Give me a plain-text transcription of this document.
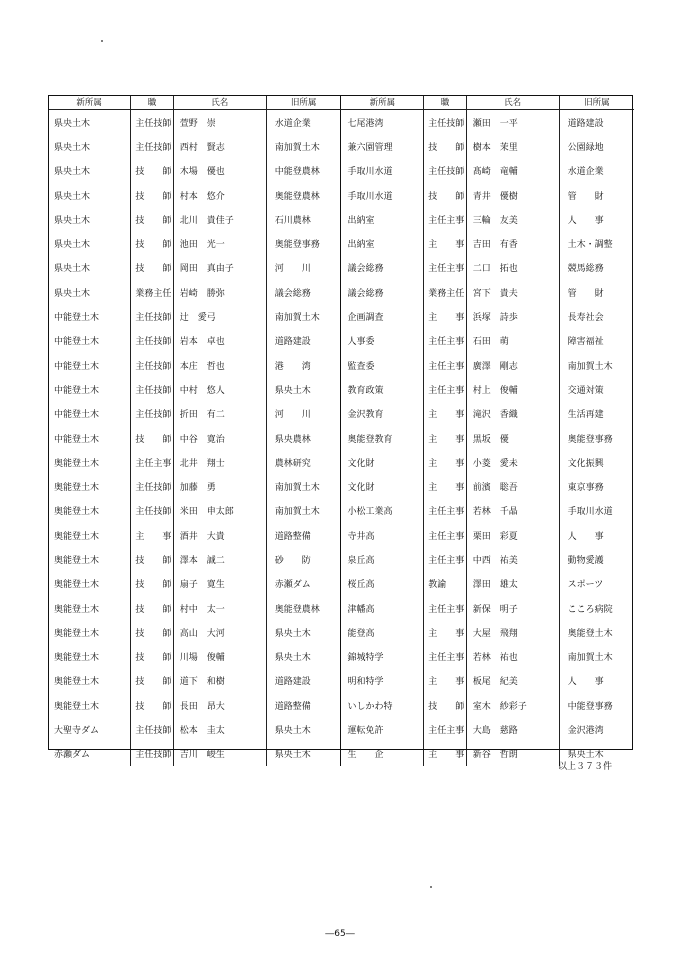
新所属	職	氏名	旧所属	新所属	職	氏名	旧所属
県央土木	主任技師	萱野　崇	水道企業	七尾港湾	主任技師	瀬田　一平	道路建設
県央土木	主任技師	西村　賢志	南加賀土木	兼六園管理	技　　師	樹本　茉里	公園緑地
県央土木	技　　師	木場　優也	中能登農林	手取川水道	主任技師	髙崎　竜輔	水道企業
県央土木	技　　師	村本　悠介	奥能登農林	手取川水道	技　　師	青井　優樹	管　　財
県央土木	技　　師	北川　貴佳子	石川農林	出納室	主任主事	三輪　友美	人　　事
県央土木	技　　師	池田　光一	奥能登事務	出納室	主　　事	吉田　有香	土木・調整
県央土木	技　　師	岡田　真由子	河　　川	議会総務	主任主事	二口　拓也	競馬総務
県央土木	業務主任	岩崎　勝弥	議会総務	議会総務	業務主任	宮下　貴夫	管　　財
中能登土木	主任技師	辻　愛弓	南加賀土木	企画調査	主　　事	浜塚　詩歩	長寿社会
中能登土木	主任技師	岩本　卓也	道路建設	人事委	主任主事	石田　萌	障害福祉
中能登土木	主任技師	本庄　哲也	港　　湾	監査委	主任主事	廣澤　剛志	南加賀土木
中能登土木	主任技師	中村　悠人	県央土木	教育政策	主任主事	村上　俊輔	交通対策
中能登土木	主任技師	折田　有二	河　　川	金沢教育	主　　事	滝沢　香織	生活再建
中能登土木	技　　師	中谷　寛治	県央農林	奥能登教育	主　　事	黒坂　優	奥能登事務
奥能登土木	主任主事	北井　翔士	農林研究	文化財	主　　事	小菱　愛未	文化振興
奥能登土木	主任技師	加藤　勇	南加賀土木	文化財	主　　事	前濱　聡吾	東京事務
奥能登土木	主任技師	米田　申太郎	南加賀土木	小松工業高	主任主事	若林　千晶	手取川水道
奥能登土木	主　　事	酒井　大貴	道路整備	寺井高	主任主事	栗田　彩夏	人　　事
奥能登土木	技　　師	澤本　誠二	砂　　防	泉丘高	主任主事	中西　祐美	動物愛護
奥能登土木	技　　師	扇子　寛生	赤瀬ダム	桜丘高	教諭	澤田　雄太	スポーツ
奥能登土木	技　　師	村中　太一	奥能登農林	津幡高	主任主事	新保　明子	こころ病院
奥能登土木	技　　師	高山　大河	県央土木	能登高	主　　事	大屋　飛翔	奥能登土木
奥能登土木	技　　師	川場　俊輔	県央土木	錦城特学	主任主事	若林　祐也	南加賀土木
奥能登土木	技　　師	道下　和樹	道路建設	明和特学	主　　事	板尾　紀美	人　　事
奥能登土木	技　　師	長田　昂大	道路整備	いしかわ特	技　　師	室木　紗彩子	中能登事務
大聖寺ダム	主任技師	松本　圭太	県央土木	運転免許	主任主事	大島　慈路	金沢港湾
赤瀬ダム	主任技師	吉川　峻生	県央土木	生　　企	主　　事	新谷　哲朗	県央土木
以上３７３件
―65―
